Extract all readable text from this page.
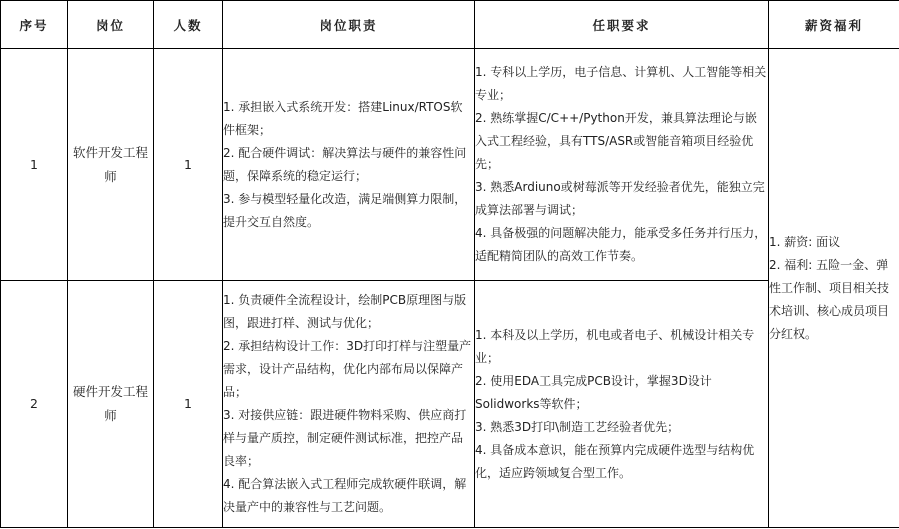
序号	岗位	人数	岗位职责	任职要求	薪资福利
1	软件开发工程师	1	1. 承担嵌入式系统开发：搭建Linux/RTOS软件框架；
2. 配合硬件调试：解决算法与硬件的兼容性问题，保障系统的稳定运行；
3. 参与模型轻量化改造，满足端侧算力限制，提升交互自然度。	1. 专科以上学历，电子信息、计算机、人工智能等相关专业；
2. 熟练掌握C/C++/Python开发，兼具算法理论与嵌入式工程经验，具有TTS/ASR或智能音箱项目经验优先；
3. 熟悉Ardiuno或树莓派等开发经验者优先，能独立完成算法部署与调试；
4. 具备极强的问题解决能力，能承受多任务并行压力，适配精简团队的高效工作节奏。	1. 薪资: 面议
2. 福利: 五险一金、弹性工作制、项目相关技术培训、核心成员项目分红权。

2	硬件开发工程师	1	1. 负责硬件全流程设计，绘制PCB原理图与版图，跟进打样、测试与优化；
2. 承担结构设计工作：3D打印打样与注塑量产需求，设计产品结构，优化内部布局以保障产品；
3. 对接供应链：跟进硬件物料采购、供应商打样与量产质控，制定硬件测试标准，把控产品良率；
4. 配合算法嵌入式工程师完成软硬件联调，解决量产中的兼容性与工艺问题。	1. 本科及以上学历，机电或者电子、机械设计相关专业；
2. 使用EDA工具完成PCB设计，掌握3D设计Solidworks等软件；
3. 熟悉3D打印\制造工艺经验者优先；
4. 具备成本意识，能在预算内完成硬件选型与结构优化，适应跨领域复合型工作。	
